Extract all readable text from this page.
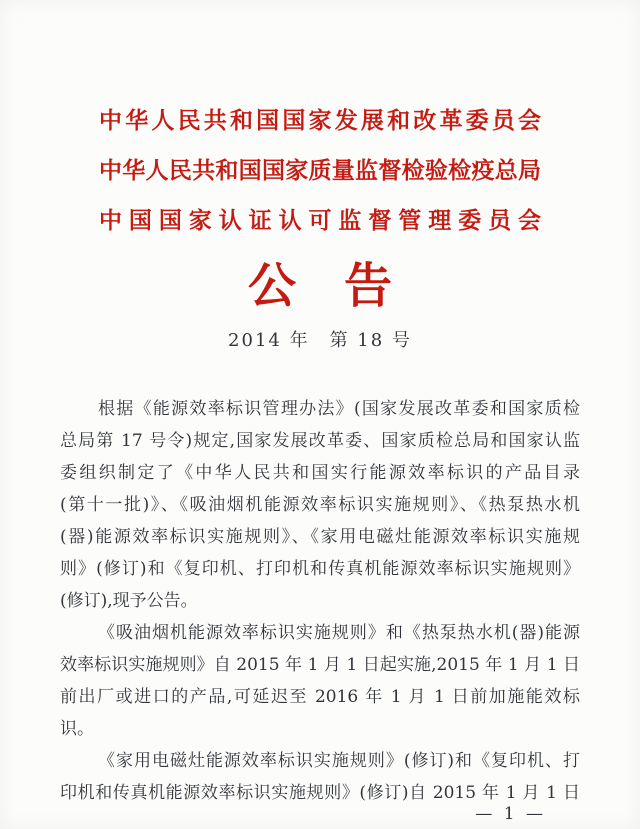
中华人民共和国国家发展和改革委员会
中华人民共和国国家质量监督检验检疫总局
中国国家认证认可监督管理委员会
公　告
2014 年　第 18 号
根据《能源效率标识管理办法》(国家发展改革委和国家质检
总局第 17 号令)规定,国家发展改革委、国家质检总局和国家认监
委组织制定了《中华人民共和国实行能源效率标识的产品目录
(第十一批)》、《吸油烟机能源效率标识实施规则》、《热泵热水机
(器)能源效率标识实施规则》、《家用电磁灶能源效率标识实施规
则》(修订)和《复印机、打印机和传真机能源效率标识实施规则》
(修订),现予公告。
《吸油烟机能源效率标识实施规则》和《热泵热水机(器)能源
效率标识实施规则》自 2015 年 1 月 1 日起实施,2015 年 1 月 1 日
前出厂或进口的产品,可延迟至 2016 年 1 月 1 日前加施能效标
识。
《家用电磁灶能源效率标识实施规则》(修订)和《复印机、打
印机和传真机能源效率标识实施规则》(修订)自 2015 年 1 月 1 日
— 1 —
